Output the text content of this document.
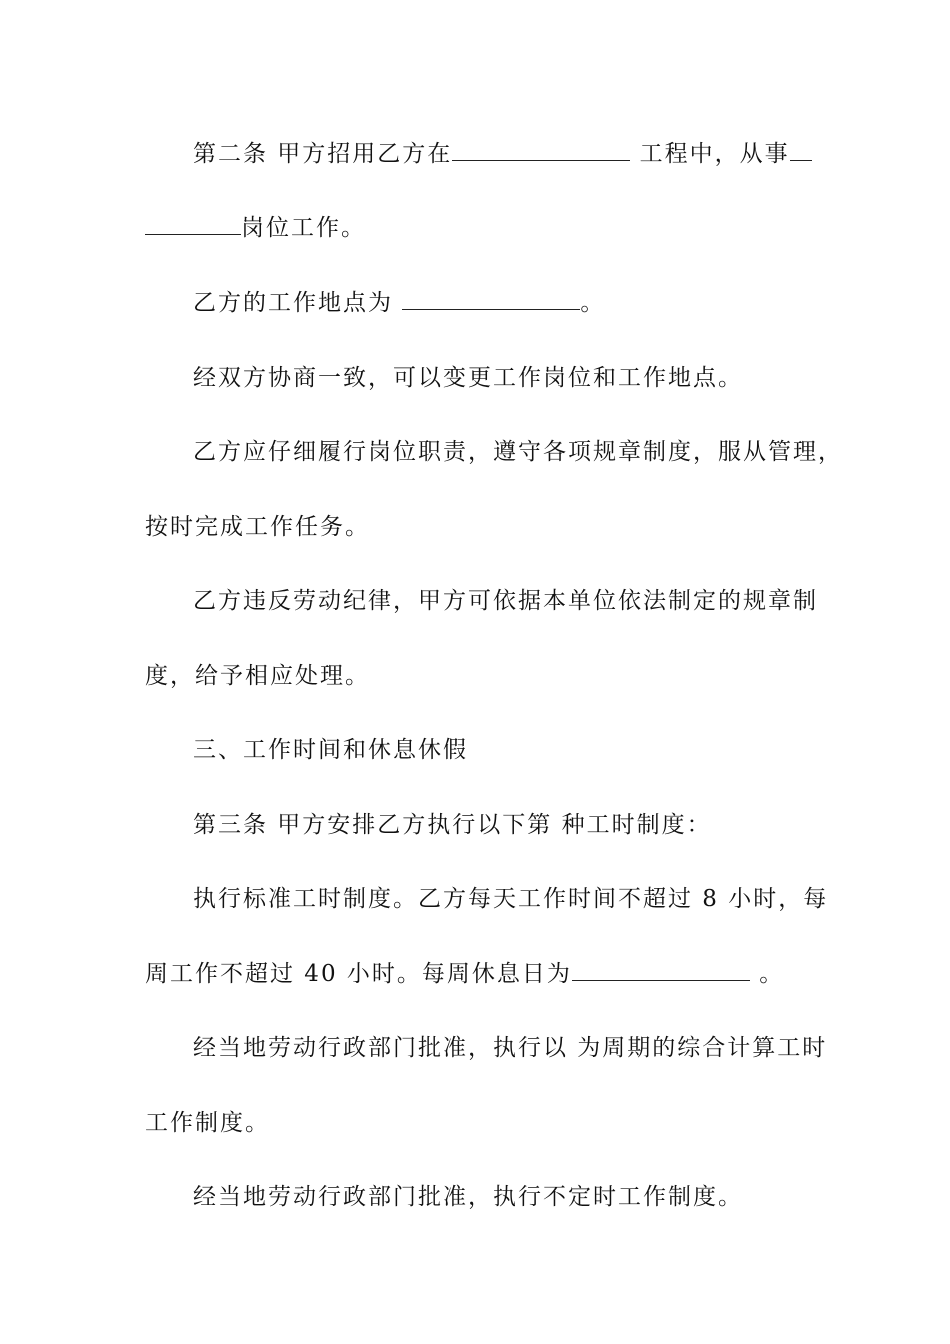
第二条 甲方招用乙方在	工程中，从事
岗位工作。
乙方的工作地点为	。
经双方协商一致，可以变更工作岗位和工作地点。
乙方应仔细履行岗位职责，遵守各项规章制度，服从管理，
按时完成工作任务。
乙方违反劳动纪律，甲方可依据本单位依法制定的规章制
度，给予相应处理。
三、工作时间和休息休假
第三条 甲方安排乙方执行以下第 种工时制度：
执行标准工时制度。乙方每天工作时间不超过 8 小时，每
周工作不超过 40 小时。每周休息日为	。
经当地劳动行政部门批准，执行以 为周期的综合计算工时
工作制度。
经当地劳动行政部门批准，执行不定时工作制度。
